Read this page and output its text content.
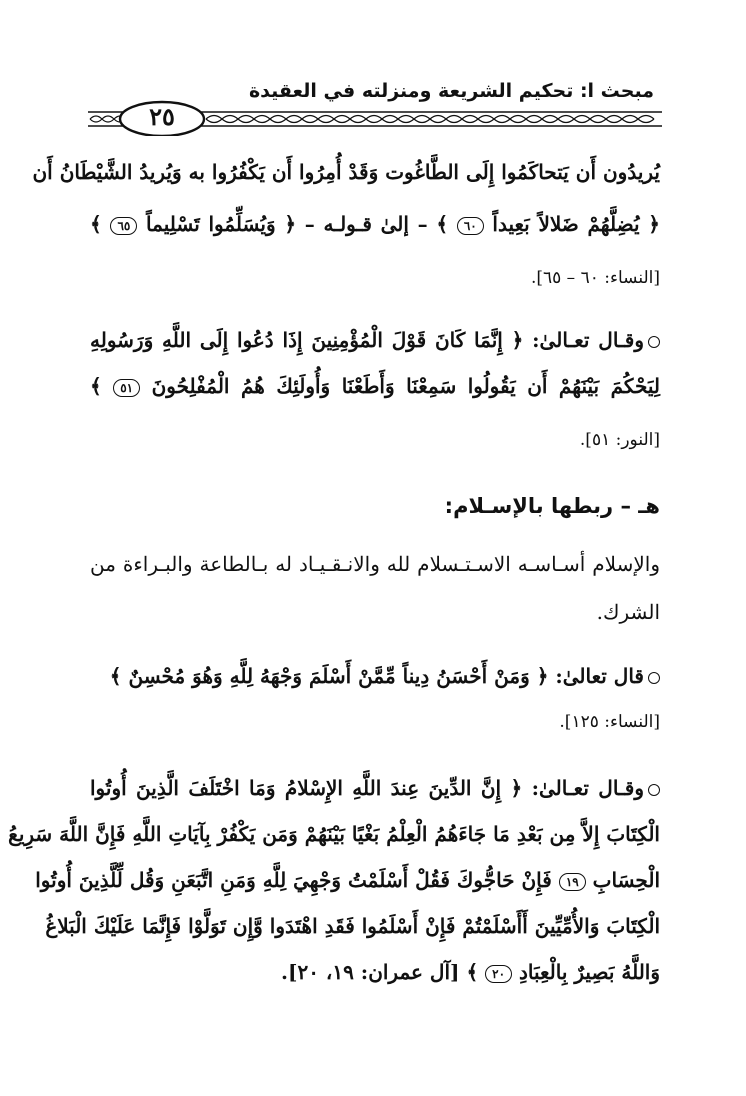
مبحث ا: تحكيم الشريعة ومنزلته في العقيدة
٢٥
يُريدُون أَن يَتحاكَمُوا إِلَى الطَّاغُوت وَقَدْ أُمِرُوا أَن يَكْفُرُوا به وَيُريدُ الشَّيْطَانُ أَن
﴿ يُضِلَّهُمْ ضَلالاً بَعِيداً ٦٠ ﴾ – إلىٰ قـولـه – ﴿ وَيُسَلِّمُوا تَسْلِيماً ٦٥ ﴾
[النساء: ٦٠ – ٦٥].
وقـال تعـالىٰ: ﴿ إِنَّمَا كَانَ قَوْلَ الْمُؤْمِنِينَ إِذَا دُعُوا إِلَى اللَّهِ وَرَسُولِهِ
لِيَحْكُمَ بَيْنَهُمْ أَن يَقُولُوا سَمِعْنَا وَأَطَعْنَا وَأُولَئِكَ هُمُ الْمُفْلِحُونَ ٥١ ﴾
[النور: ٥١].
هـ – ربطها بالإسـلام:
والإسلام أسـاسـه الاسـتـسلام لله والانـقـيـاد له بـالطاعة والبـراءة من
الشرك.
قال تعالىٰ: ﴿ وَمَنْ أَحْسَنُ دِيناً مِّمَّنْ أَسْلَمَ وَجْهَهُ لِلَّهِ وَهُوَ مُحْسِنٌ ﴾
[النساء: ١٢٥].
وقـال تعـالىٰ: ﴿ إِنَّ الدِّينَ عِندَ اللَّهِ الإِسْلامُ وَمَا اخْتَلَفَ الَّذِينَ أُوتُوا
الْكِتَابَ إِلاَّ مِن بَعْدِ مَا جَاءَهُمُ الْعِلْمُ بَغْيًا بَيْنَهُمْ وَمَن يَكْفُرْ بِآيَاتِ اللَّهِ فَإِنَّ اللَّهَ سَرِيعُ
الْحِسَابِ ١٩ فَإِنْ حَاجُّوكَ فَقُلْ أَسْلَمْتُ وَجْهِيَ لِلَّهِ وَمَنِ اتَّبَعَنِ وَقُل لِّلَّذِينَ أُوتُوا
الْكِتَابَ وَالأُمِّيِّينَ أَأَسْلَمْتُمْ فَإِنْ أَسْلَمُوا فَقَدِ اهْتَدَوا وَّإِن تَوَلَّوْا فَإِنَّمَا عَلَيْكَ الْبَلاغُ
وَاللَّهُ بَصِيرٌ بِالْعِبَادِ ٢٠ ﴾ [آل عمران: ١٩، ٢٠].
